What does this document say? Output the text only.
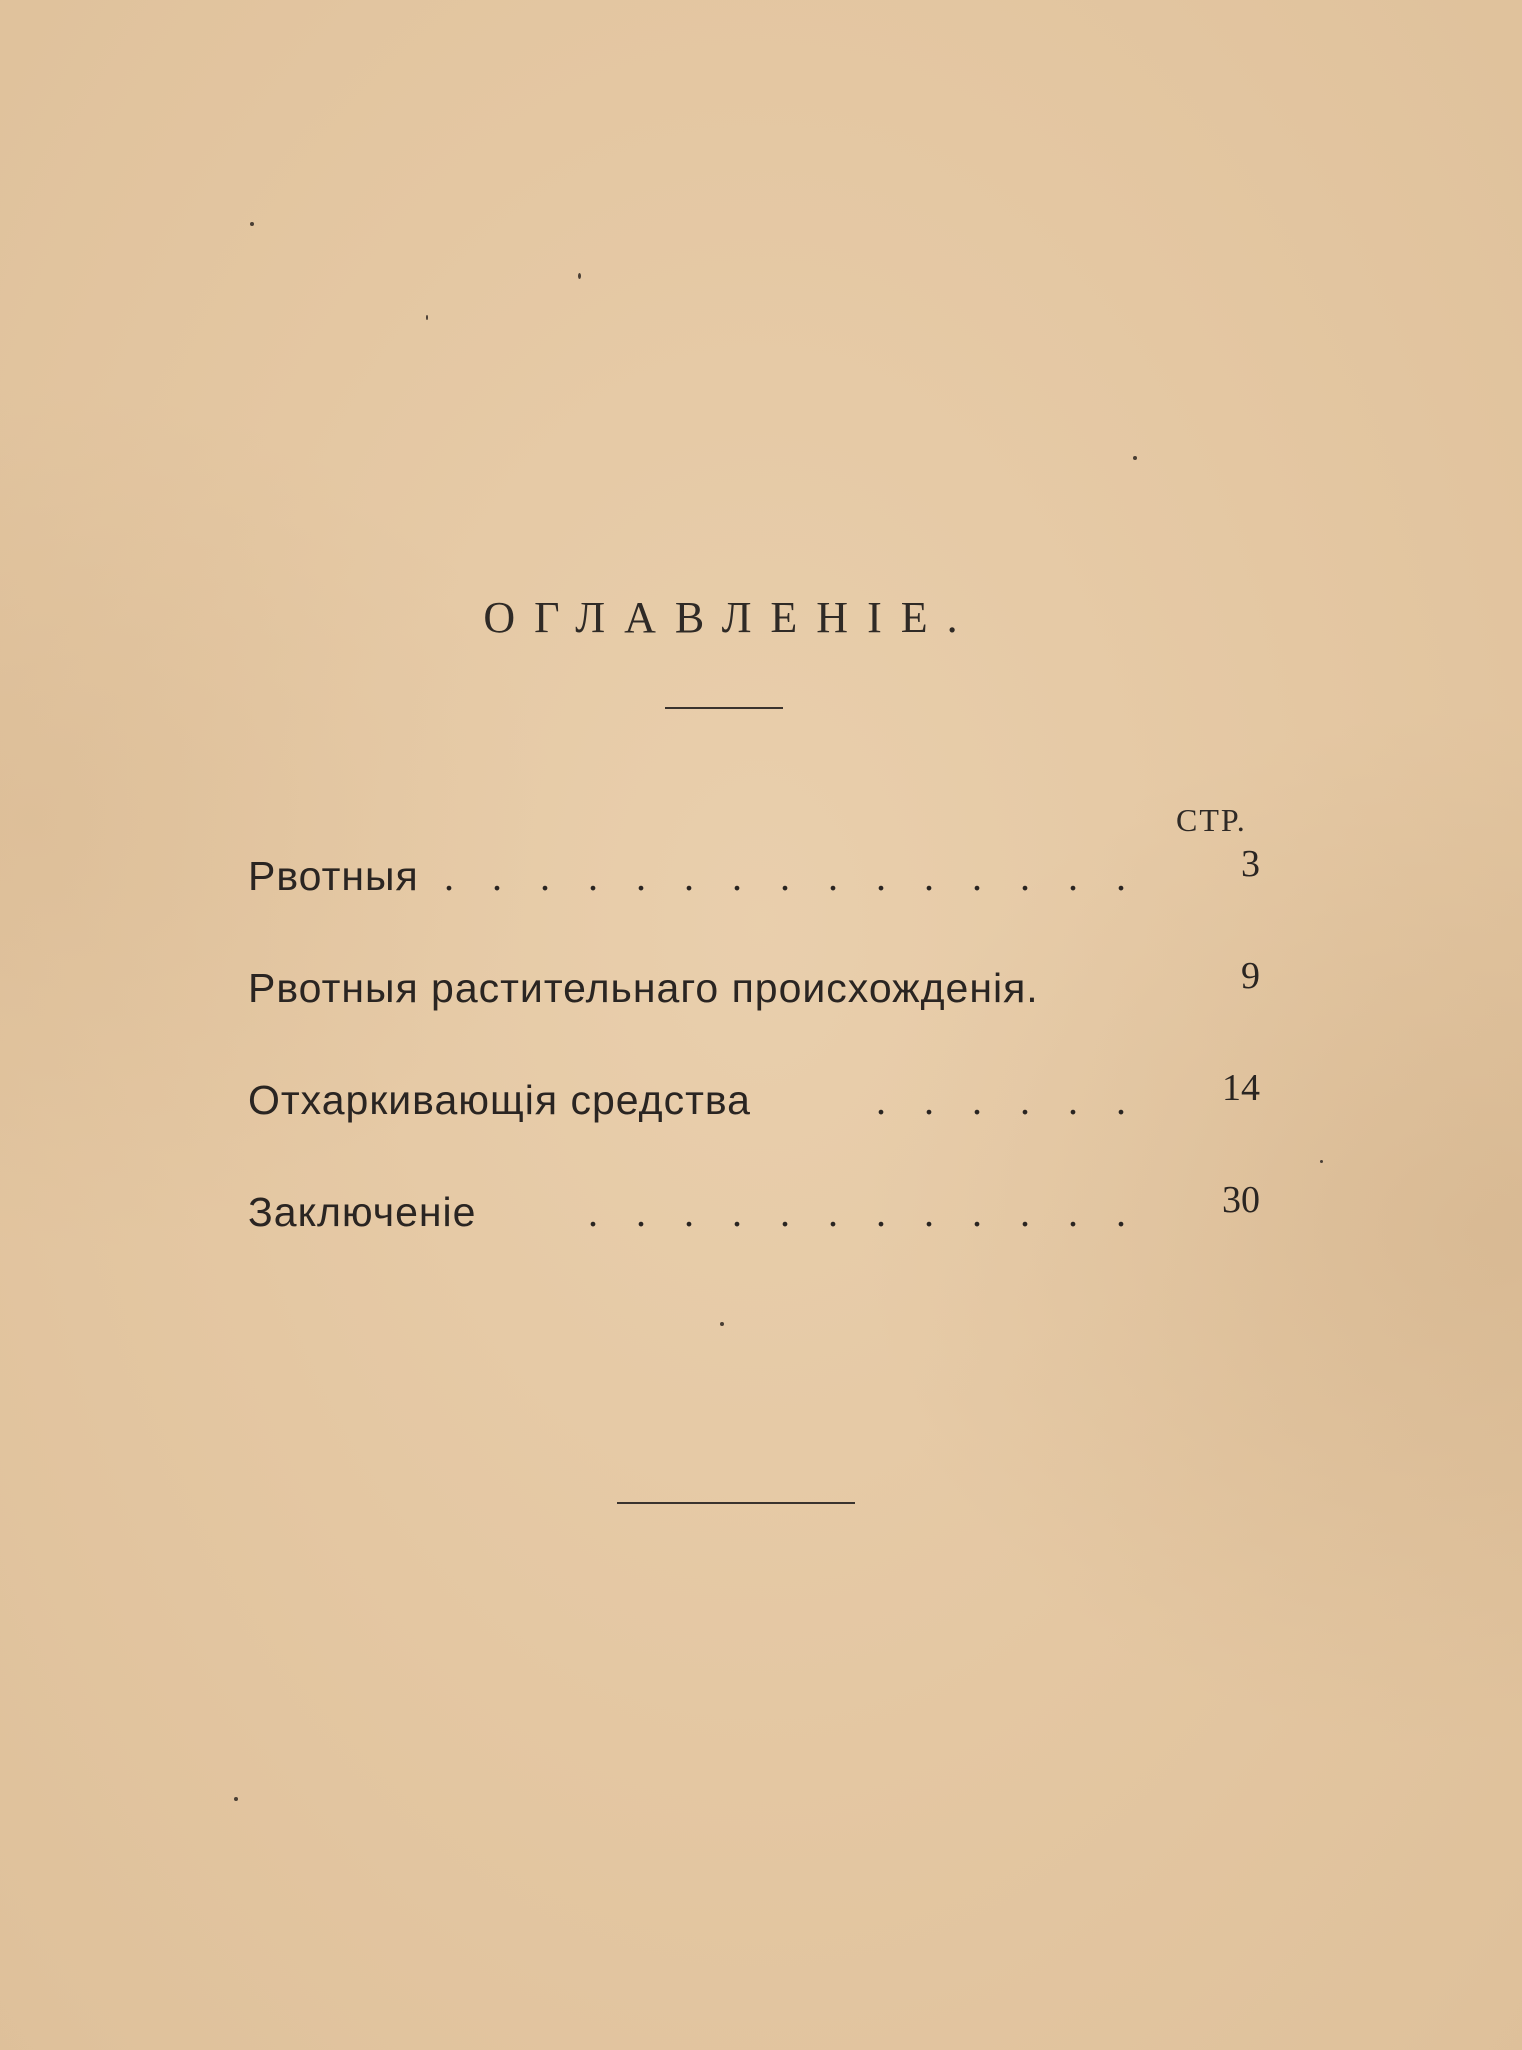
ОГЛАВЛЕНIЕ.
СТР.
Рвотныя . . . . . . . . . . . . . . .	3
Рвотныя растительнаго происхожденiя.	9
Отхаркивающiя средства	. . . . . . 14
Заключенiе	. . . . . . . . . . . . 30
